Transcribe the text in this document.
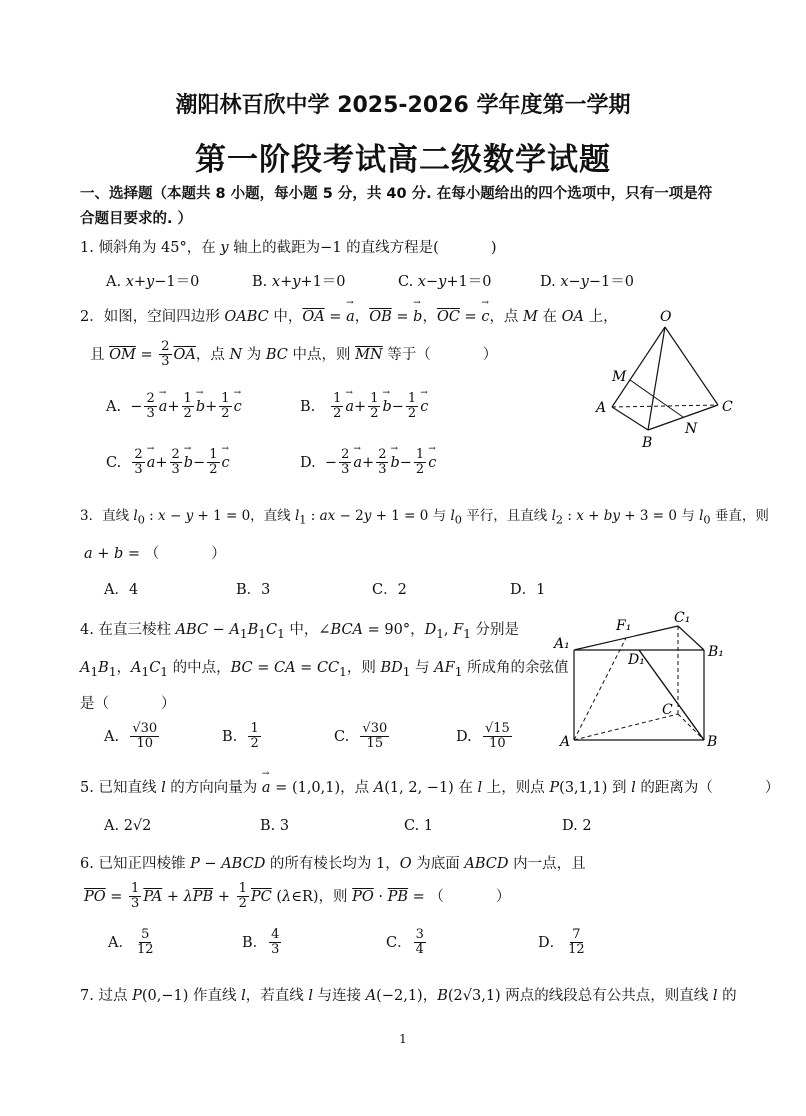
潮阳林百欣中学 2025-2026 学年度第一学期
第一阶段考试高二级数学试题
一、选择题（本题共 8 小题，每小题 5 分，共 40 分. 在每小题给出的四个选项中，只有一项是符
合题目要求的. ）
1. 倾斜角为 45°，在 y 轴上的截距为−1 的直线方程是(	)
A. x+y−1＝0	B. x+y+1＝0	C. x−y+1＝0	D. x−y−1＝0
2．如图，空间四边形 OABC 中，$\overline{OA}$ = → a，$\overline{OB}$ = → b，$\overline{OC}$ = → c，点 M 在 OA 上，
且 $\overline{OM} = \frac{2}{3} \overline{OA}$，点 N 为 BC 中点，则 $\overline{MN}$ 等于（	）
A.  − $\frac{2}{3} \to a+ \frac{1}{2} \to b+ \frac{1}{2} \to c$	B. $\frac{1}{2} \to a+ \frac{1}{2} \to b- \frac{1}{2} \to c$
C. $\frac{2}{3} \to a+ \frac{2}{3} \to b- \frac{1}{2} \to c$	D.  − $\frac{2}{3} \to a+ \frac{2}{3} \to b- \frac{1}{2} \to c$
O
M
A	C
B
N
3．直线 $l_0$ : x − y + 1 = 0，直线 $l_1$ : ax − 2y + 1 = 0 与 $l_0$ 平行，且直线 $l_2$ : x + by + 3 = 0 与 $l_0$ 垂直，则
a + b = （	）
A．4	B．3	C．2	D．1
4. 在直三棱柱 ABC − $A_1B_1C_1$ 中，∠BCA = 90°，$D_1$, $F_1$ 分别是
$A_1B_1$，$A_1C_1$ 的中点，BC = CA = $CC_1$，则 $BD_1$ 与 $AF_1$ 所成角的余弦值
是（	）
A. $\frac{√30}{10}$	B. $\frac{1}{2}$	C. $\frac{√30}{15}$	D. $\frac{√15}{10}$
F₁	C₁
A₁
D₁	B₁
C
A	B
5. 已知直线 l 的方向向量为 → a = (1,0,1)，点 A(1, 2, −1) 在 l 上，则点 P(3,1,1) 到 l 的距离为（	）
A. 2√2	B. 3	C. 1	D. 2
6. 已知正四棱锥 P − ABCD 的所有棱长均为 1，O 为底面 ABCD 内一点，且
$\overline{PO} = \frac{1}{3} \overline{PA} + \lambda\overline{PB} + \frac{1}{2} \overline{PC}$ (λ∈R)，则 $\overline{PO} \cdot \overline{PB}$ = （	）
A． $\frac{5}{12}$	B． $\frac{4}{3}$	C． $\frac{3}{4}$	D． $\frac{7}{12}$
7. 过点 P(0,−1) 作直线 l，若直线 l 与连接 A(−2,1)，B(2√3,1) 两点的线段总有公共点，则直线 l 的
1
